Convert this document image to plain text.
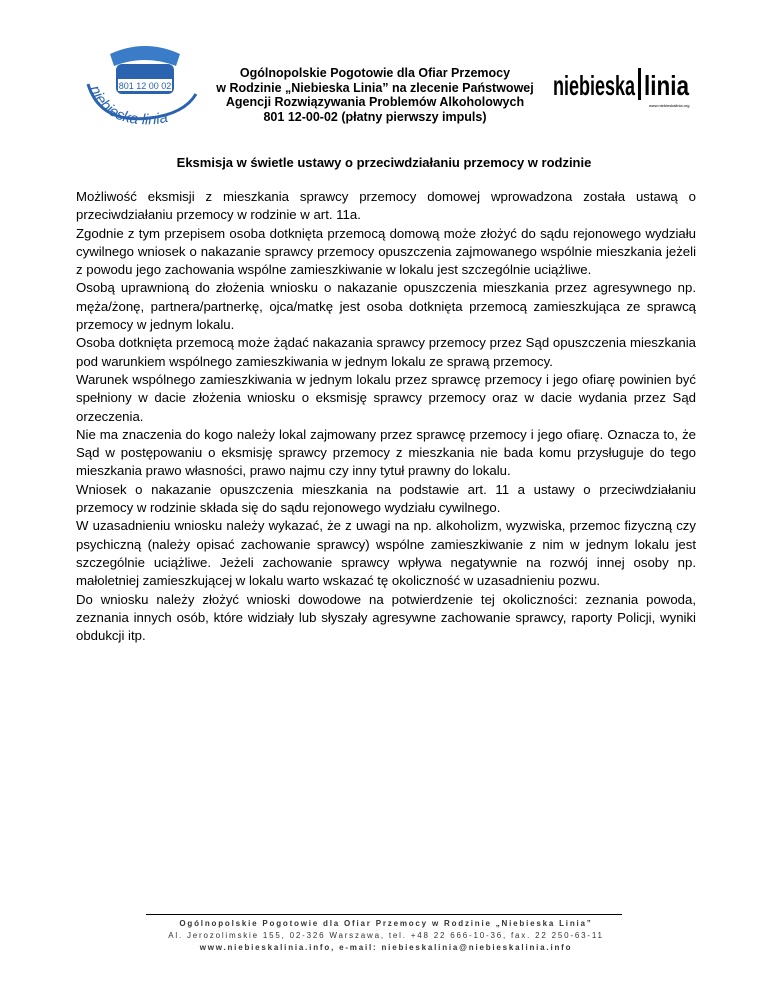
801 12 00 02
niebieska linia
Ogólnopolskie Pogotowie dla Ofiar Przemocy
w Rodzinie „Niebieska Linia” na zlecenie Państwowej
Agencji Rozwiązywania Problemów Alkoholowych
801 12-00-02 (płatny pierwszy impuls)
niebieska linia
www.niebieskalinia.org
Eksmisja w świetle ustawy o przeciwdziałaniu przemocy w rodzinie

Możliwość eksmisji z mieszkania sprawcy przemocy domowej wprowadzona została ustawą o przeciwdziałaniu przemocy w rodzinie w art. 11a.

Zgodnie z tym przepisem osoba dotknięta przemocą domową może złożyć do sądu rejonowego wydziału cywilnego wniosek o nakazanie sprawcy przemocy opuszczenia zajmowanego wspólnie mieszkania jeżeli z powodu jego zachowania wspólne zamieszkiwanie w lokalu jest szczególnie uciążliwe.

Osobą uprawnioną do złożenia wniosku o nakazanie opuszczenia mieszkania przez agresywnego np. męża/żonę, partnera/partnerkę, ojca/matkę jest osoba dotknięta przemocą zamieszkująca ze sprawcą przemocy w jednym lokalu.

Osoba dotknięta przemocą może żądać nakazania sprawcy przemocy przez Sąd opuszczenia mieszkania pod warunkiem wspólnego zamieszkiwania w jednym lokalu ze sprawą przemocy.

Warunek wspólnego zamieszkiwania w jednym lokalu przez sprawcę przemocy i jego ofiarę powinien być spełniony w dacie złożenia wniosku o eksmisję sprawcy przemocy oraz w dacie wydania przez Sąd orzeczenia.

Nie ma znaczenia do kogo należy lokal zajmowany przez sprawcę przemocy i jego ofiarę. Oznacza to, że Sąd w postępowaniu o eksmisję sprawcy przemocy z mieszkania nie bada komu przysługuje do tego mieszkania prawo własności, prawo najmu czy inny tytuł prawny do lokalu.

Wniosek o nakazanie opuszczenia mieszkania na podstawie art. 11 a ustawy o przeciwdziałaniu przemocy w rodzinie składa się do sądu rejonowego wydziału cywilnego.

W uzasadnieniu wniosku należy wykazać, że z uwagi na np. alkoholizm, wyzwiska, przemoc fizyczną czy psychiczną (należy opisać zachowanie sprawcy) wspólne zamieszkiwanie z nim w jednym lokalu jest szczególnie uciążliwe. Jeżeli zachowanie sprawcy wpływa negatywnie na rozwój innej osoby np. małoletniej zamieszkującej w lokalu warto wskazać tę okoliczność w uzasadnieniu pozwu.

Do wniosku należy złożyć wnioski dowodowe na potwierdzenie tej okoliczności: zeznania powoda, zeznania innych osób, które widziały lub słyszały agresywne zachowanie sprawcy, raporty Policji, wyniki obdukcji itp.

Ogólnopolskie Pogotowie dla Ofiar Przemocy w Rodzinie „Niebieska Linia”
Al. Jerozolimskie 155, 02-326 Warszawa, tel. +48 22 666-10-36, fax. 22 250-63-11
www.niebieskalinia.info, e-mail: niebieskalinia@niebieskalinia.info
